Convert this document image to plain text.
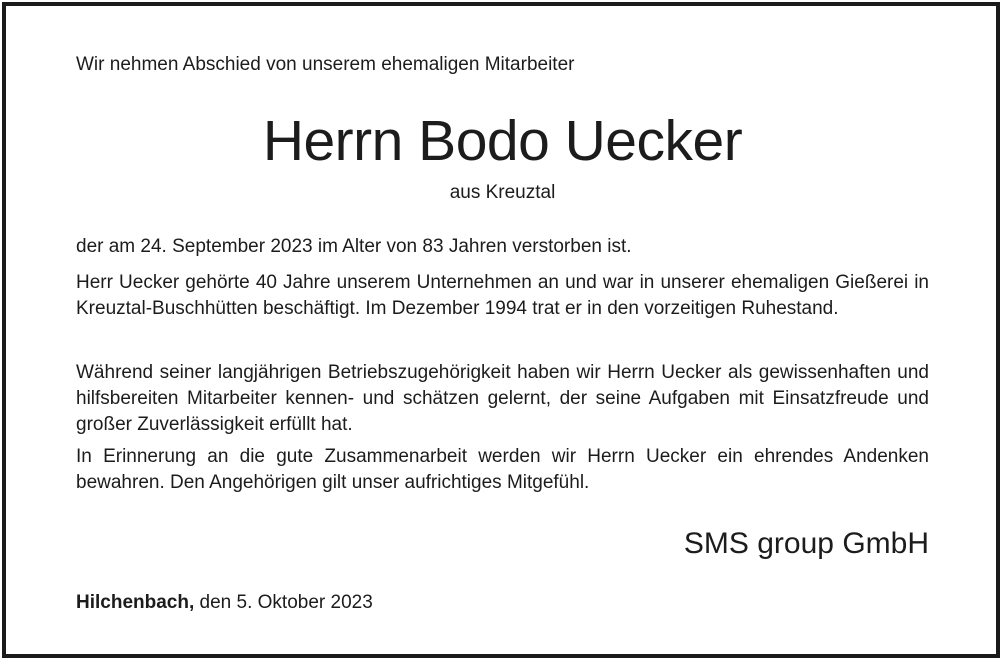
Wir nehmen Abschied von unserem ehemaligen Mitarbeiter
Herrn Bodo Uecker
aus Kreuztal
der am 24. September 2023 im Alter von 83 Jahren verstorben ist.
Herr Uecker gehörte 40 Jahre unserem Unternehmen an und war in unserer ehemaligen Gießerei in Kreuztal-Buschhütten beschäftigt. Im Dezember 1994 trat er in den vorzeitigen Ruhestand.
Während seiner langjährigen Betriebszugehörigkeit haben wir Herrn Uecker als gewissenhaften und hilfsbereiten Mitarbeiter kennen- und schätzen gelernt, der seine Aufgaben mit Einsatzfreude und großer Zuverlässigkeit erfüllt hat.
In Erinnerung an die gute Zusammenarbeit werden wir Herrn Uecker ein ehrendes Andenken bewahren. Den Angehörigen gilt unser aufrichtiges Mitgefühl.
SMS group GmbH
Hilchenbach, den 5. Oktober 2023
